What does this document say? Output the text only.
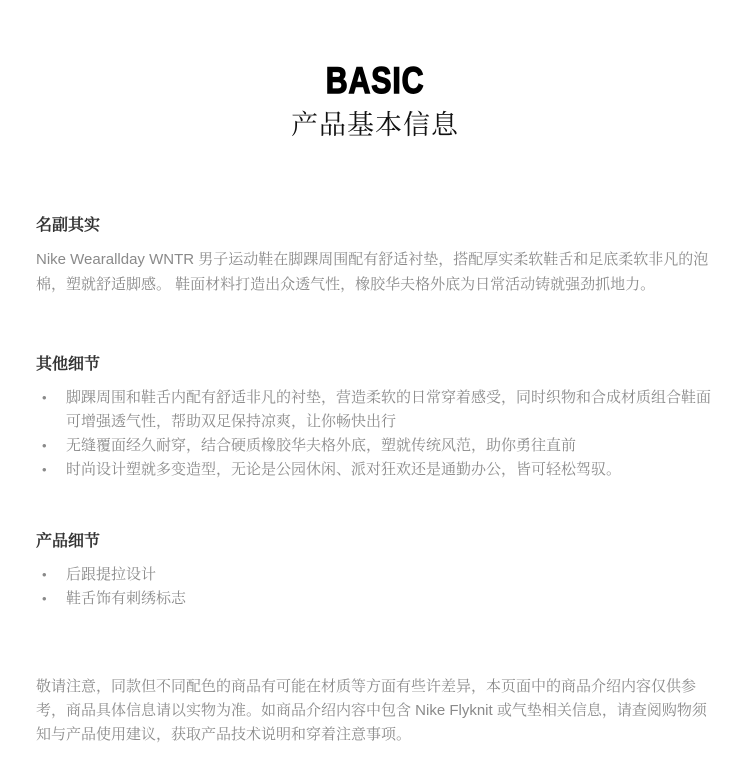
BASIC
产品基本信息
名副其实

Nike Wearallday WNTR 男子运动鞋在脚踝周围配有舒适衬垫，搭配厚实柔软鞋舌和足底柔软非凡的泡棉，塑就舒适脚感。 鞋面材料打造出众透气性，橡胶华夫格外底为日常活动铸就强劲抓地力。

其他细节
• 脚踝周围和鞋舌内配有舒适非凡的衬垫，营造柔软的日常穿着感受，同时织物和合成材质组合鞋面可增强透气性，帮助双足保持凉爽，让你畅快出行
• 无缝覆面经久耐穿，结合硬质橡胶华夫格外底，塑就传统风范，助你勇往直前
• 时尚设计塑就多变造型，无论是公园休闲、派对狂欢还是通勤办公，皆可轻松驾驭。
产品细节
• 后跟提拉设计
• 鞋舌饰有刺绣标志

敬请注意，同款但不同配色的商品有可能在材质等方面有些许差异，本页面中的商品介绍内容仅供参考，商品具体信息请以实物为准。如商品介绍内容中包含 Nike Flyknit 或气垫相关信息，请查阅购物须知与产品使用建议，获取产品技术说明和穿着注意事项。
